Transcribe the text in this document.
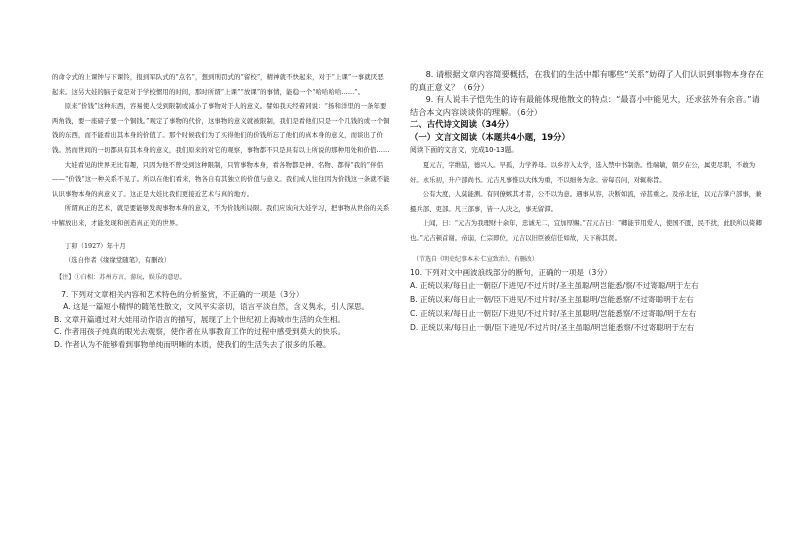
的命令式的上课钟与下课铃，报到军队式的“点名”，想到刑罚式的“留校”，精神就不快起来，对于“上课”一事就厌恶起来。这另大娃的脑子竟是对于学校惯用的时间，那时所谓“上课”“放课”的事情，能稳一个“哈哈哈哈……”。

原来“价钱”这种东西，容易使人受到限制或减小了事物对于人的意义。譬如我天经着同说：“扬和洋里的一条年要两角钱，要一座磅子要一个铜钱。”观定了事物的代价，这事物的意义就被限制，我们是看他们只是一个几钱的或一个铜钱的东西，而不能看出其本身的价值了。那个时候我们为了买得他们的价钱所忘了他们的真本身的意义，而谈出了价钱。然而世间的一切都具有其本身的意义，我们原来的对它的观察，事物都不只是具有以上所说的那种用处和价值……

大娃看见的世界无比有趣，只因为他不曾受到这种限制，只管事物本身，看各物都是神、名物、都得“我的”伴侣——“价钱”这一种关系不见了。所以在他们看来，物各自有其独立的价值与意义。我们成人往往因为价钱这一条就不能认识事物本身的真意义了。这正是大娃比我们更接近艺术与真的地方。

所谓真正的艺术，就是要能够发现事物本身的意义，不为价钱所局限。我们应该向大娃学习，把事物从世俗的关系中解放出来，才能发现和创造真正美的世界。

丁卯（1927）年十月

（选自作者《缘缘堂随笔》，有删改）

【注】①白相：苏州方言，游玩，娱乐的意思。

7. 下列对文章相关内容和艺术特色的分析鉴赏，不正确的一项是（3分）

A. 这是一篇短小精悍的随笔性散文，文风平实亲切，语言平淡自然，含义隽永，引人深思。

B. 文章开篇通过对大娃用动作语言的描写，展现了上个世纪初上海城市生活的众生相。

C. 作者用孩子纯真的眼光去观察，使作者在从事教育工作的过程中感受到莫大的快乐。

D. 作者认为不能够看到事物单纯而明晰的本质，使我们的生活失去了很多的乐趣。

8. 请根据文章内容简要概括，在我们的生活中都有哪些“关系”妨碍了人们认识到事物本身存在的真正意义？（6分）

9. 有人说丰子恺先生的诗有最能体现他散文的特点：“最喜小中能见大，还求弦外有余音。”请结合本文内容谈谈你的理解。（6分）

二、古代诗文阅读（34分）

（一）文言文阅读（本题共4小题，19分）

阅读下面的文言文，完成10-13题。

夏元吉，字维喆，德兴人。早孤，力学养母。以乡荐入太学，选入禁中书制诰。性端敏，朝夕在公，属吏尽职，不敢为奸。永乐初，升户部尚书。元吉凡事惟以大体为重，不以细务为念。帝每召问，对辄称旨。

公有大度，人莫能测。有同僚嫉其才者，公不以为意。遇事从容，决断如流，帝甚重之。及帝北征，以元吉掌户部事，兼摄兵部、吏部。凡三部事，皆一人决之，事无留滞。

上闻，曰：“元吉为我理财十余年，忠诚无二，宜加厚赐。”召元吉曰：“卿能节用爱人，使国不匮，民不扰，此朕所以倚卿也。”元吉顿首谢。帝崩，仁宗即位，元吉以旧臣被信任如故，天下称其贤。

（节选自《明史纪事本末·仁宣致治》，有删改）

10. 下列对文中画波浪线部分的断句，正确的一项是（3分）

A. 正统以来/每日止一朝臣/下进见/不过片时/圣主虽聪/明岂能悉/察/不过寄聪/明于左右

B. 正统以来/每日止一朝/臣下进见/不过片时/圣主虽聪明/岂能悉察/不过寄聪明于左右

C. 正统以来/每日止一朝臣/下进见/不过片时/圣主虽聪明/岂能悉察/不过寄聪/明于左右

D. 正统以来/每日止一朝/臣下进见/不过片时/圣主虽聪/明岂能悉察/不过寄聪明于左右
